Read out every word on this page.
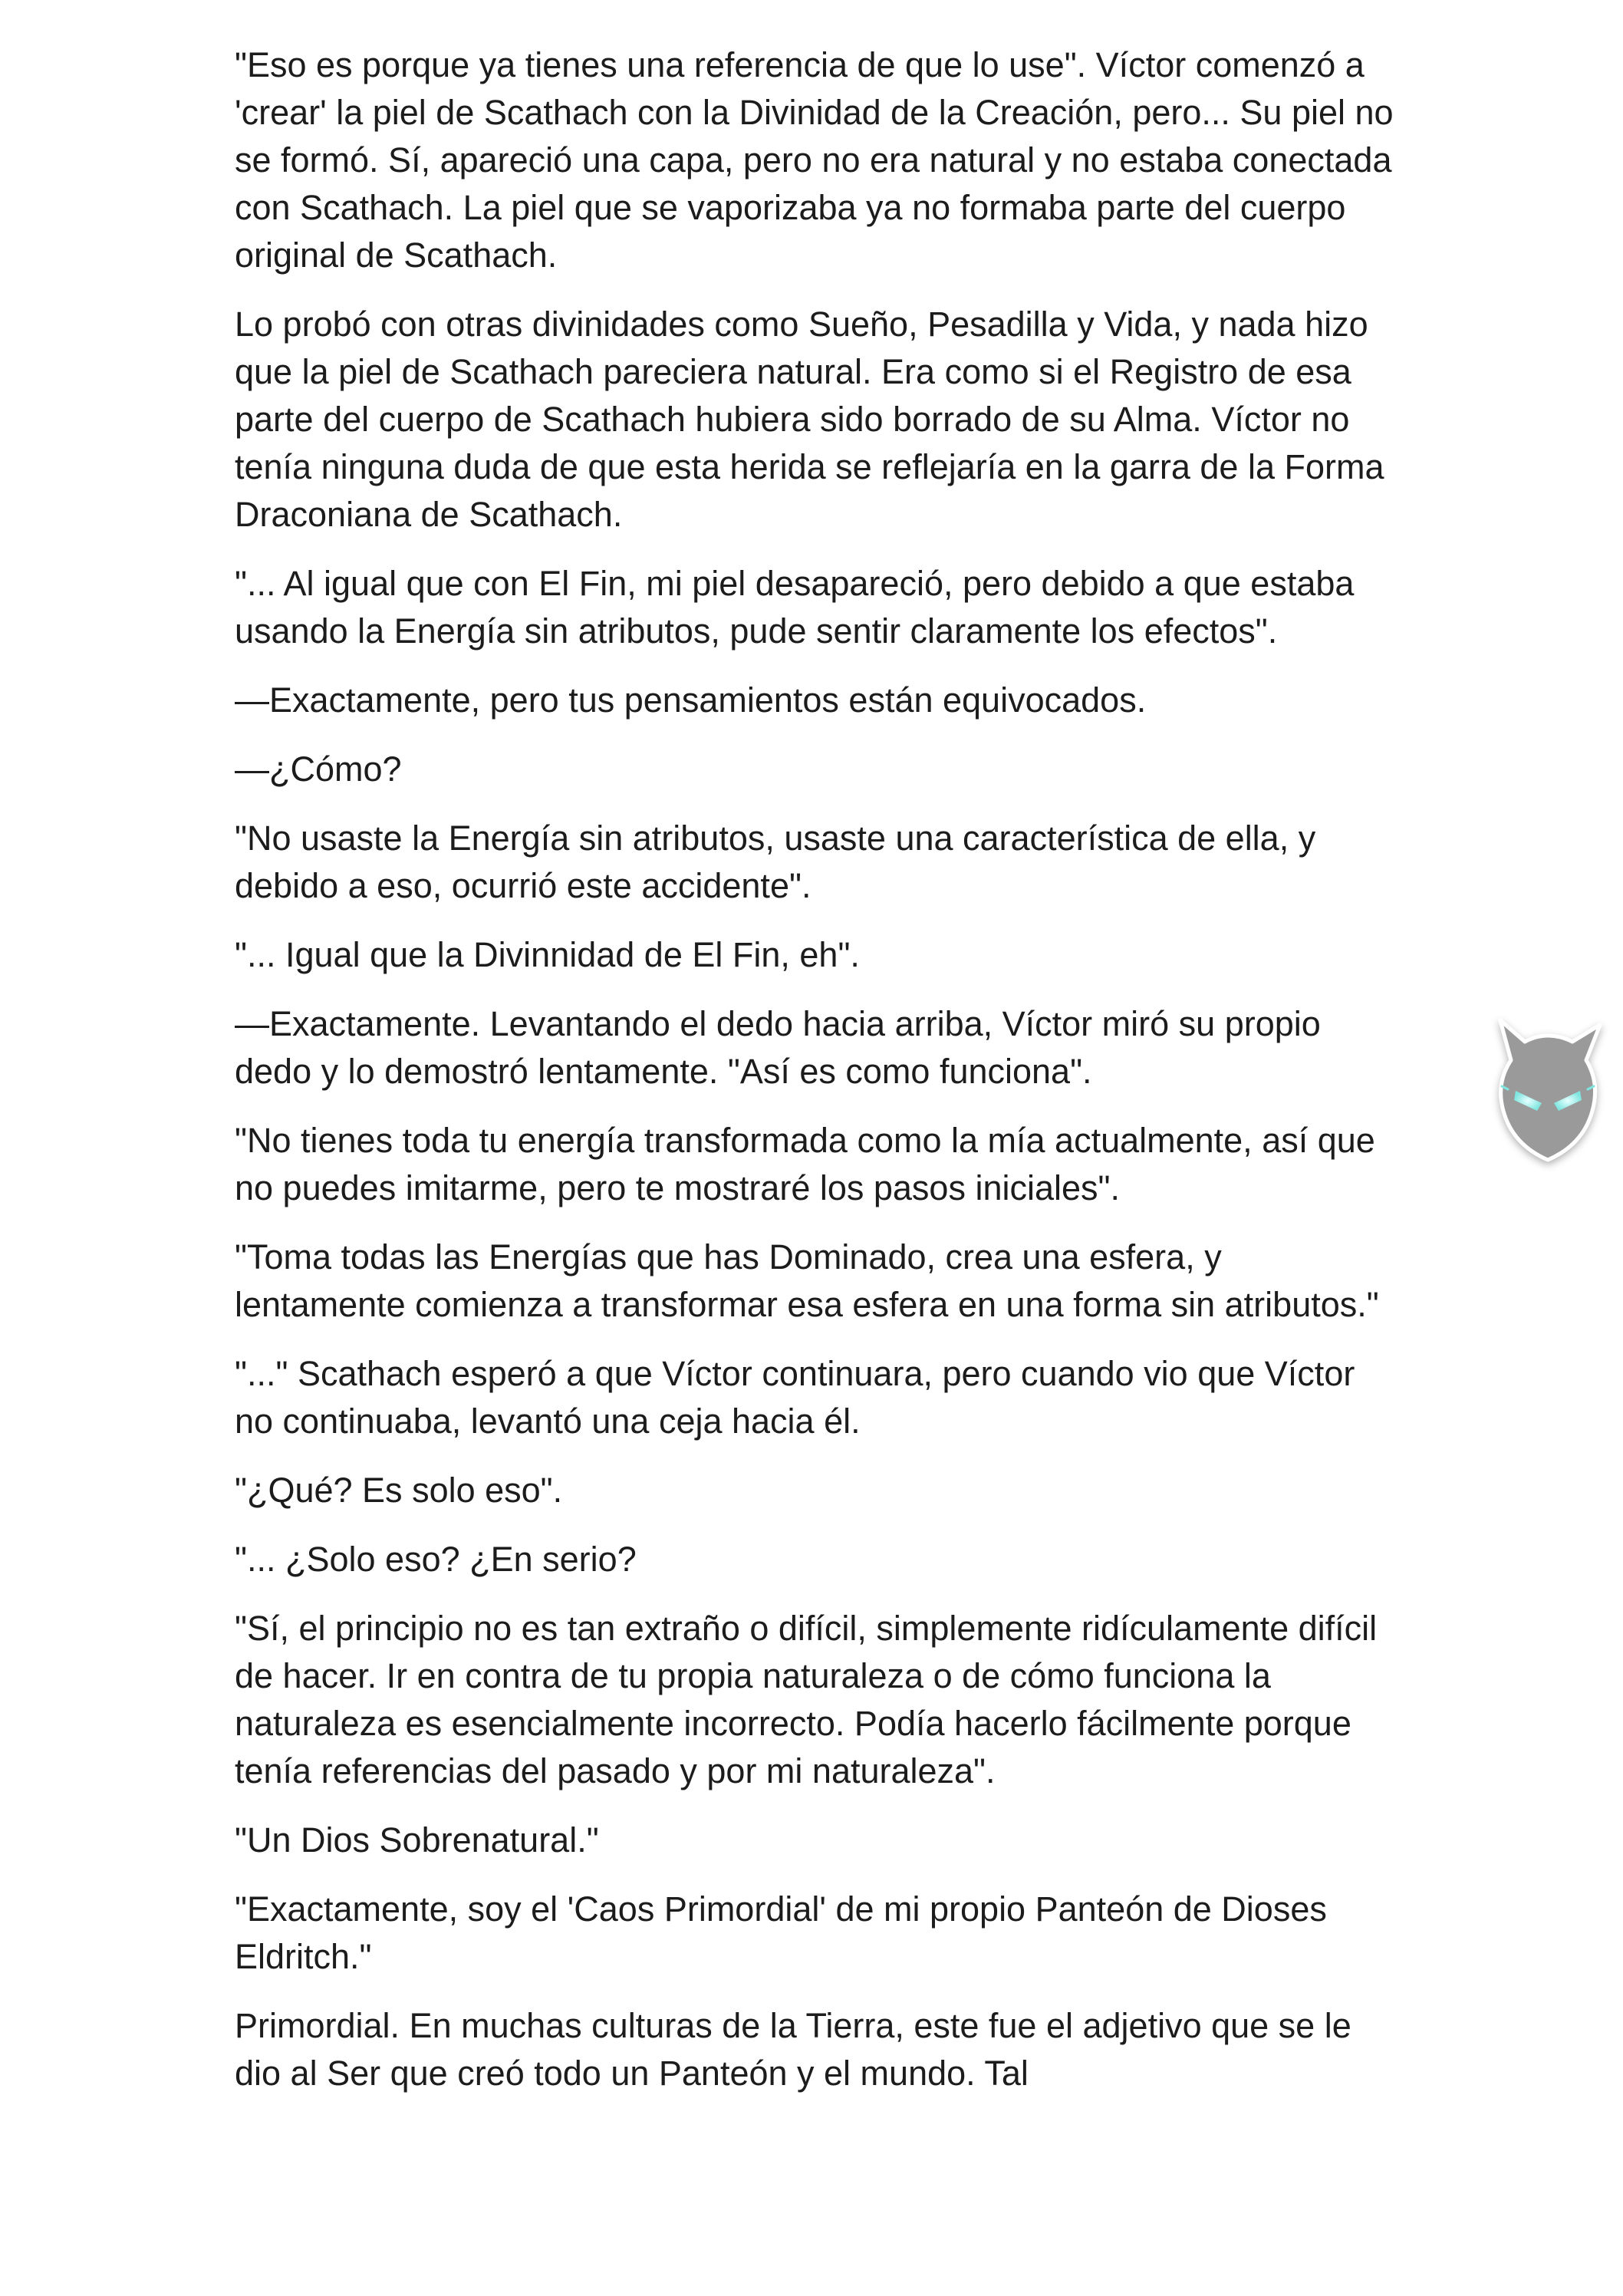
"Eso es porque ya tienes una referencia de que lo use". Víctor comenzó a 'crear' la piel de Scathach con la Divinidad de la Creación, pero... Su piel no se formó. Sí, apareció una capa, pero no era natural y no estaba conectada con Scathach. La piel que se vaporizaba ya no formaba parte del cuerpo original de Scathach.

Lo probó con otras divinidades como Sueño, Pesadilla y Vida, y nada hizo que la piel de Scathach pareciera natural. Era como si el Registro de esa parte del cuerpo de Scathach hubiera sido borrado de su Alma. Víctor no tenía ninguna duda de que esta herida se reflejaría en la garra de la Forma Draconiana de Scathach.

"... Al igual que con El Fin, mi piel desapareció, pero debido a que estaba usando la Energía sin atributos, pude sentir claramente los efectos".

—Exactamente, pero tus pensamientos están equivocados.

—¿Cómo?

"No usaste la Energía sin atributos, usaste una característica de ella, y debido a eso, ocurrió este accidente".

"... Igual que la Divinnidad de El Fin, eh".

—Exactamente. Levantando el dedo hacia arriba, Víctor miró su propio dedo y lo demostró lentamente. "Así es como funciona".

"No tienes toda tu energía transformada como la mía actualmente, así que no puedes imitarme, pero te mostraré los pasos iniciales".

"Toma todas las Energías que has Dominado, crea una esfera, y lentamente comienza a transformar esa esfera en una forma sin atributos."

"..." Scathach esperó a que Víctor continuara, pero cuando vio que Víctor no continuaba, levantó una ceja hacia él.

"¿Qué? Es solo eso".

"... ¿Solo eso? ¿En serio?

"Sí, el principio no es tan extraño o difícil, simplemente ridículamente difícil de hacer. Ir en contra de tu propia naturaleza o de cómo funciona la naturaleza es esencialmente incorrecto. Podía hacerlo fácilmente porque tenía referencias del pasado y por mi naturaleza".

"Un Dios Sobrenatural."

"Exactamente, soy el 'Caos Primordial' de mi propio Panteón de Dioses Eldritch."

Primordial. En muchas culturas de la Tierra, este fue el adjetivo que se le dio al Ser que creó todo un Panteón y el mundo. Tal
